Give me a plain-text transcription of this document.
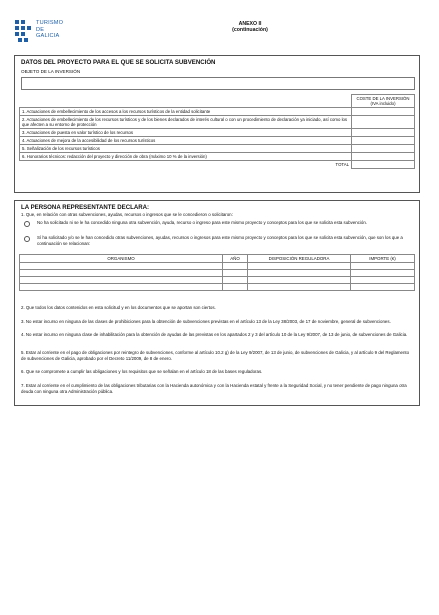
TURISMO
DE
GALICIA
ANEXO II
(continuación)
DATOS DEL PROYECTO PARA EL QUE SE SOLICITA SUBVENCIÓN
OBJETO DE LA INVERSIÓN

	COSTE DE LA INVERSIÓN
(IVA incluido)

1. Actuaciones de embellecimiento de los accesos a los recursos turísticos de la entidad solicitante	
2. Actuaciones de embellecimiento de los recursos turísticos y de los bienes declarados de interés cultural o con un procedimiento de declaración ya iniciado, así como los que afecten a su entorno de protección	
3. Actuaciones de puesta en valor turístico de los recursos	
4. Actuaciones de mejora de la accesibilidad de los recursos turísticos	
5. Señalización de los recursos turísticos	
6. Honorarios técnicos: redacción del proyecto y dirección de obra (máximo 10 % de la inversión)	
TOTAL	
LA PERSONA REPRESENTANTE DECLARA:
1. Que, en relación con otras subvenciones, ayudas, recursos o ingresos que se le concedieron o solicitaron:
No ha solicitado ni se le ha concedido ninguna otra subvención, ayuda, recurso o ingreso para este mismo proyecto y conceptos para los que se solicita esta subvención.
Sí ha solicitado y/o se le han concedido otras subvenciones, ayudas, recursos o ingresos para este mismo proyecto y conceptos para los que se solicita esta subvención, que son los que a continuación se relacionan:
ORGANISMO	AÑO	DISPOSICIÓN REGULADORA	IMPORTE (€)

2. Que todos los datos contenidos en esta solicitud y en los documentos que se aportan son ciertos.
3. No estar incurso en ninguna de las clases de prohibiciones para la obtención de subvenciones previstas en el artículo 13 de la Ley 38/2003, de 17 de noviembre, general de subvenciones.
4. No estar incurso en ninguna clase de inhabilitación para la obtención de ayudas de las previstas en los apartados 2 y 3 del artículo 10 de la Ley 9/2007, de 13 de junio, de subvenciones de Galicia.
5. Estar al corriente en el pago de obligaciones por reintegro de subvenciones, conforme al artículo 10.2 g) de la Ley 9/2007, de 13 de junio, de subvenciones de Galicia, y al artículo 9 del Reglamento de subvenciones de Galicia, aprobado por el Decreto 11/2009, de 8 de enero.
6. Que se compromete a cumplir las obligaciones y los requisitos que se señalan en el artículo 18 de las bases reguladoras.
7. Estar al corriente en el cumplimiento de las obligaciones tributarias con la Hacienda autonómica y con la Hacienda estatal y frente a la Seguridad Social, y no tener pendiente de pago ninguna otra deuda con ninguna otra Administración pública.
